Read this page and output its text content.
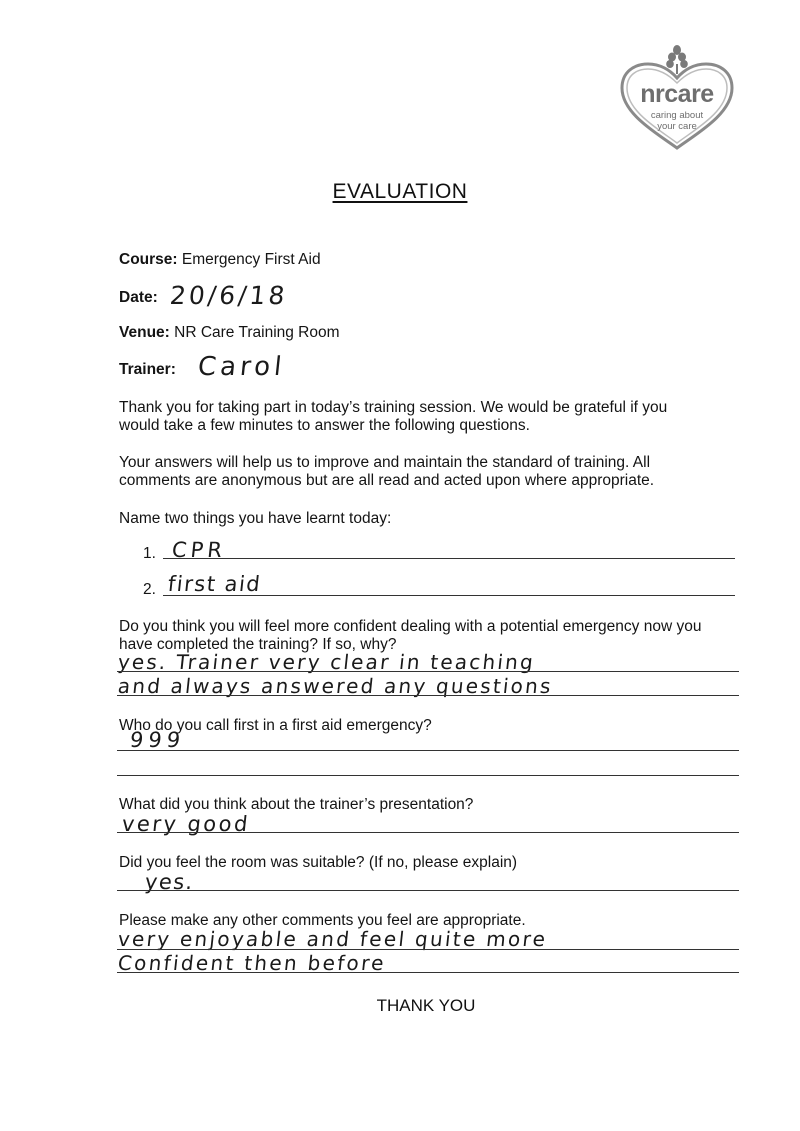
nrcare
caring about
your care
EVALUATION
Course: Emergency First Aid
Date: 20/6/18
Venue: NR Care Training Room
Trainer: Carol
Thank you for taking part in today’s training session. We would be grateful if you
would take a few minutes to answer the following questions.
Your answers will help us to improve and maintain the standard of training. All
comments are anonymous but are all read and acted upon where appropriate.
Name two things you have learnt today:
1. CPR
2. first aid
Do you think you will feel more confident dealing with a potential emergency now you
have completed the training? If so, why?
yes. Trainer very clear in teaching
and always answered any questions
Who do you call first in a first aid emergency?
999
What did you think about the trainer’s presentation?
very good
Did you feel the room was suitable? (If no, please explain)
yes.
Please make any other comments you feel are appropriate.
very enjoyable and feel quite more
Confident then before
THANK YOU
